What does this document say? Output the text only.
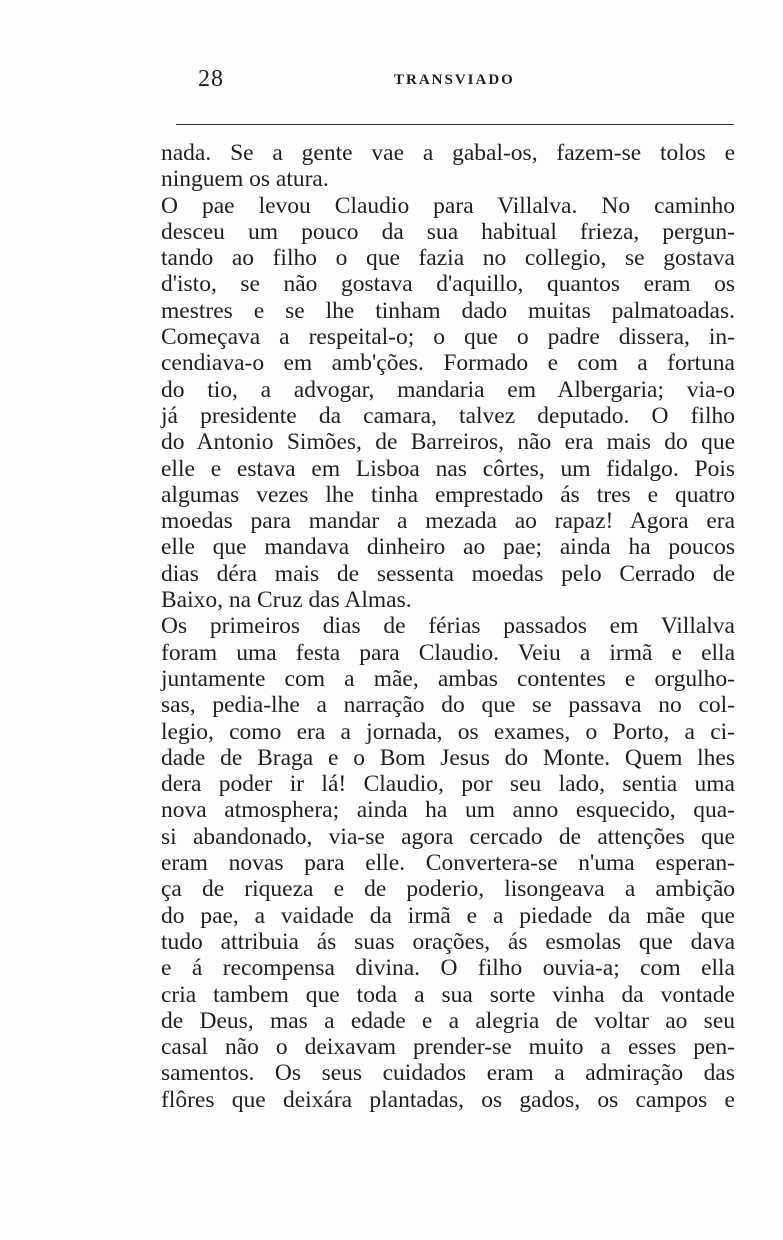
28	TRANSVIADO
nada. Se a gente vae a gabal-os, fazem-se tolos e
ninguem os atura.
O pae levou Claudio para Villalva. No caminho
desceu um pouco da sua habitual frieza, pergun-
tando ao filho o que fazia no collegio, se gostava
d'isto, se não gostava d'aquillo, quantos eram os
mestres e se lhe tinham dado muitas palmatoadas.
Começava a respeital-o; o que o padre dissera, in-
cendiava-o em amb'ções. Formado e com a fortuna
do tio, a advogar, mandaria em Albergaria; via-o
já presidente da camara, talvez deputado. O filho
do Antonio Simões, de Barreiros, não era mais do que
elle e estava em Lisboa nas côrtes, um fidalgo. Pois
algumas vezes lhe tinha emprestado ás tres e quatro
moedas para mandar a mezada ao rapaz! Agora era
elle que mandava dinheiro ao pae; ainda ha poucos
dias déra mais de sessenta moedas pelo Cerrado de
Baixo, na Cruz das Almas.
Os primeiros dias de férias passados em Villalva
foram uma festa para Claudio. Veiu a irmã e ella
juntamente com a mãe, ambas contentes e orgulho-
sas, pedia-lhe a narração do que se passava no col-
legio, como era a jornada, os exames, o Porto, a ci-
dade de Braga e o Bom Jesus do Monte. Quem lhes
dera poder ir lá! Claudio, por seu lado, sentia uma
nova atmosphera; ainda ha um anno esquecido, qua-
si abandonado, via-se agora cercado de attenções que
eram novas para elle. Convertera-se n'uma esperan-
ça de riqueza e de poderio, lisongeava a ambição
do pae, a vaidade da irmã e a piedade da mãe que
tudo attribuia ás suas orações, ás esmolas que dava
e á recompensa divina. O filho ouvia-a; com ella
cria tambem que toda a sua sorte vinha da vontade
de Deus, mas a edade e a alegria de voltar ao seu
casal não o deixavam prender-se muito a esses pen-
samentos. Os seus cuidados eram a admiração das
flôres que deixára plantadas, os gados, os campos e
